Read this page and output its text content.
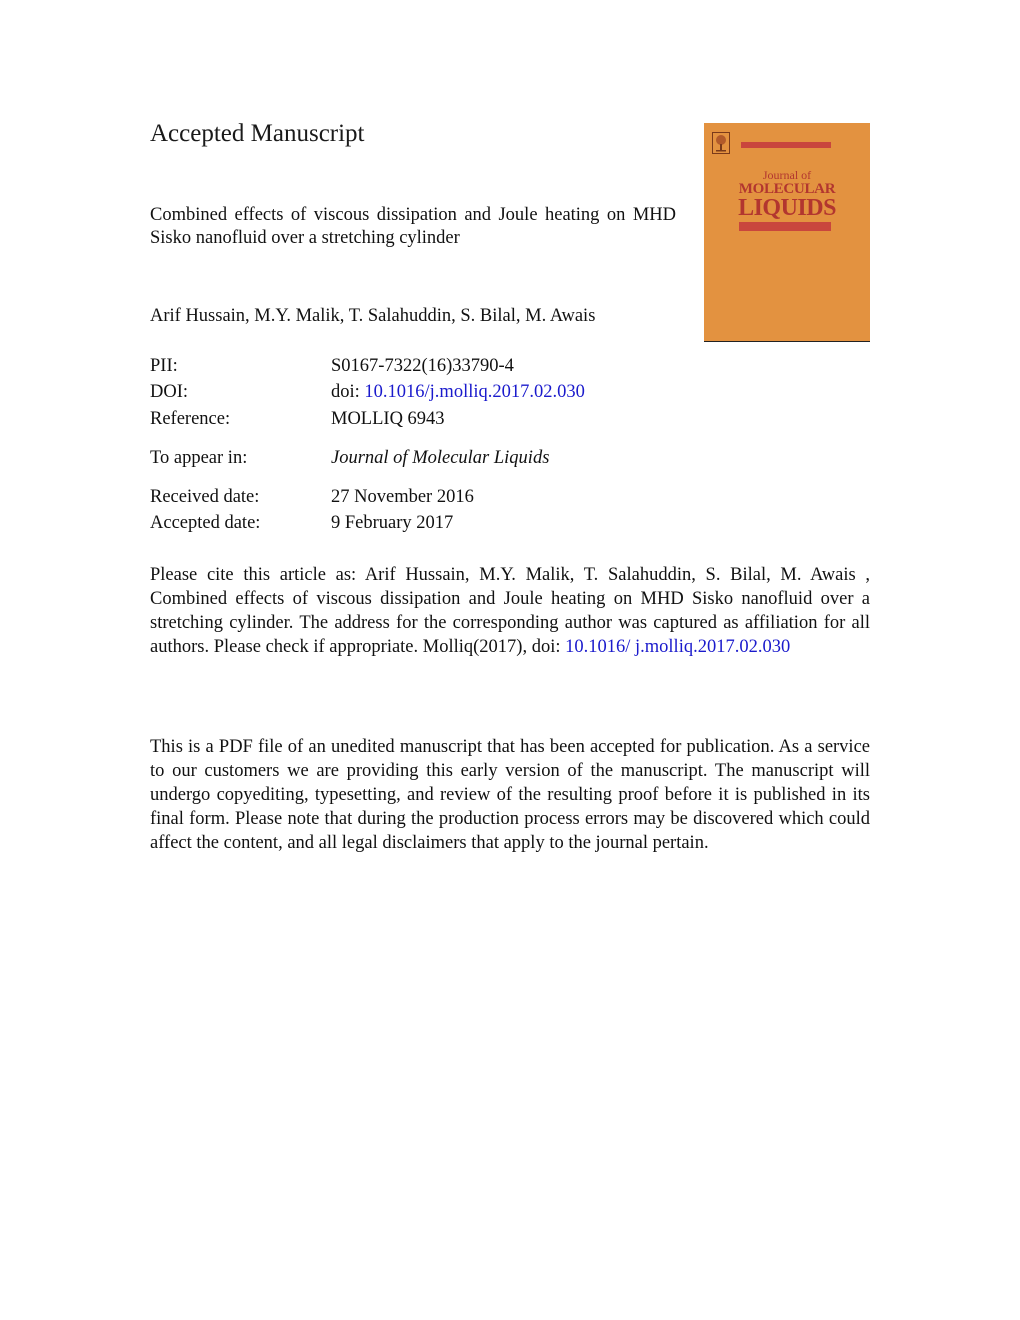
Accepted Manuscript
Combined effects of viscous dissipation and Joule heating on MHD Sisko nanofluid over a stretching cylinder
Arif Hussain, M.Y. Malik, T. Salahuddin, S. Bilal, M. Awais
Journal of
MOLECULAR
LIQUIDS
PII:	S0167-7322(16)33790-4
DOI:	doi: 10.1016/j.molliq.2017.02.030
Reference:	MOLLIQ 6943
To appear in:	Journal of Molecular Liquids
Received date:	27 November 2016
Accepted date:	9 February 2017
Please cite this article as: Arif Hussain, M.Y. Malik, T. Salahuddin, S. Bilal, M. Awais , Combined effects of viscous dissipation and Joule heating on MHD Sisko nanofluid over a stretching cylinder. The address for the corresponding author was captured as affiliation for all authors. Please check if appropriate. Molliq(2017), doi: 10.1016/ j.molliq.2017.02.030
This is a PDF file of an unedited manuscript that has been accepted for publication. As a service to our customers we are providing this early version of the manuscript. The manuscript will undergo copyediting, typesetting, and review of the resulting proof before it is published in its final form. Please note that during the production process errors may be discovered which could affect the content, and all legal disclaimers that apply to the journal pertain.
